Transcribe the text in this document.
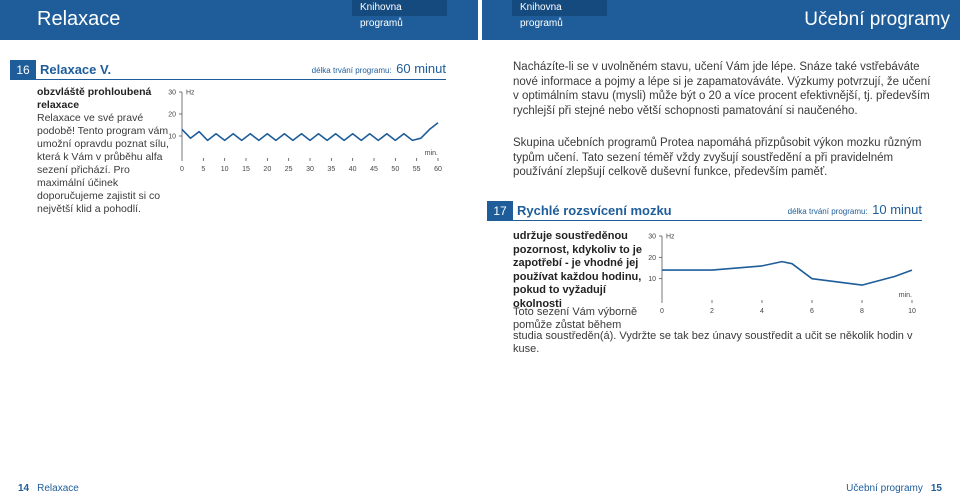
Relaxace	Učební programy
Knihovna programů
Knihovna programů
16 Relaxace V.	délka trvání programu: 60 minut
obzvláště prohloubená relaxace
Relaxace ve své pravé podobě! Tento program vám umožní opravdu poznat sílu, která k Vám v průběhu alfa sezení přichází. Pro maximální účinek doporučujeme zajistit si co největší klid a pohodlí.
30
20
10
Hz
0 5 10 15 20 25 30 35 40 45 50 55 60
min.
Nacházíte-li se v uvolněném stavu, učení Vám jde lépe. Snáze také vstřebáváte nové informace a pojmy a lépe si je zapamatováváte. Výzkumy potvrzují, že učení v optimálním stavu (mysli) může být o 20 a více procent efektivnější, tj. především rychlejší při stejné nebo větší schopnosti pamatování si naučeného.
Skupina učebních programů Protea napomáhá přizpůsobit výkon mozku různým typům učení. Tato sezení téměř vždy zvyšují soustředění a při pravidelném používání zlepšují celkově duševní funkce, především paměť.
17 Rychlé rozsvícení mozku	délka trvání programu: 10 minut
udržuje soustředěnou pozornost, kdykoliv to je zapotřebí - je vhodné jej používat každou hodinu, pokud to vyžadují okolnosti
Toto sezení Vám výborně pomůže zůstat během
studia soustředěn(á). Vydržte se tak bez únavy soustředit a učit se několik hodin v kuse.
30
20
10
Hz
0	2	4	6	8	10
min.
14 Relaxace	Učební programy 15
